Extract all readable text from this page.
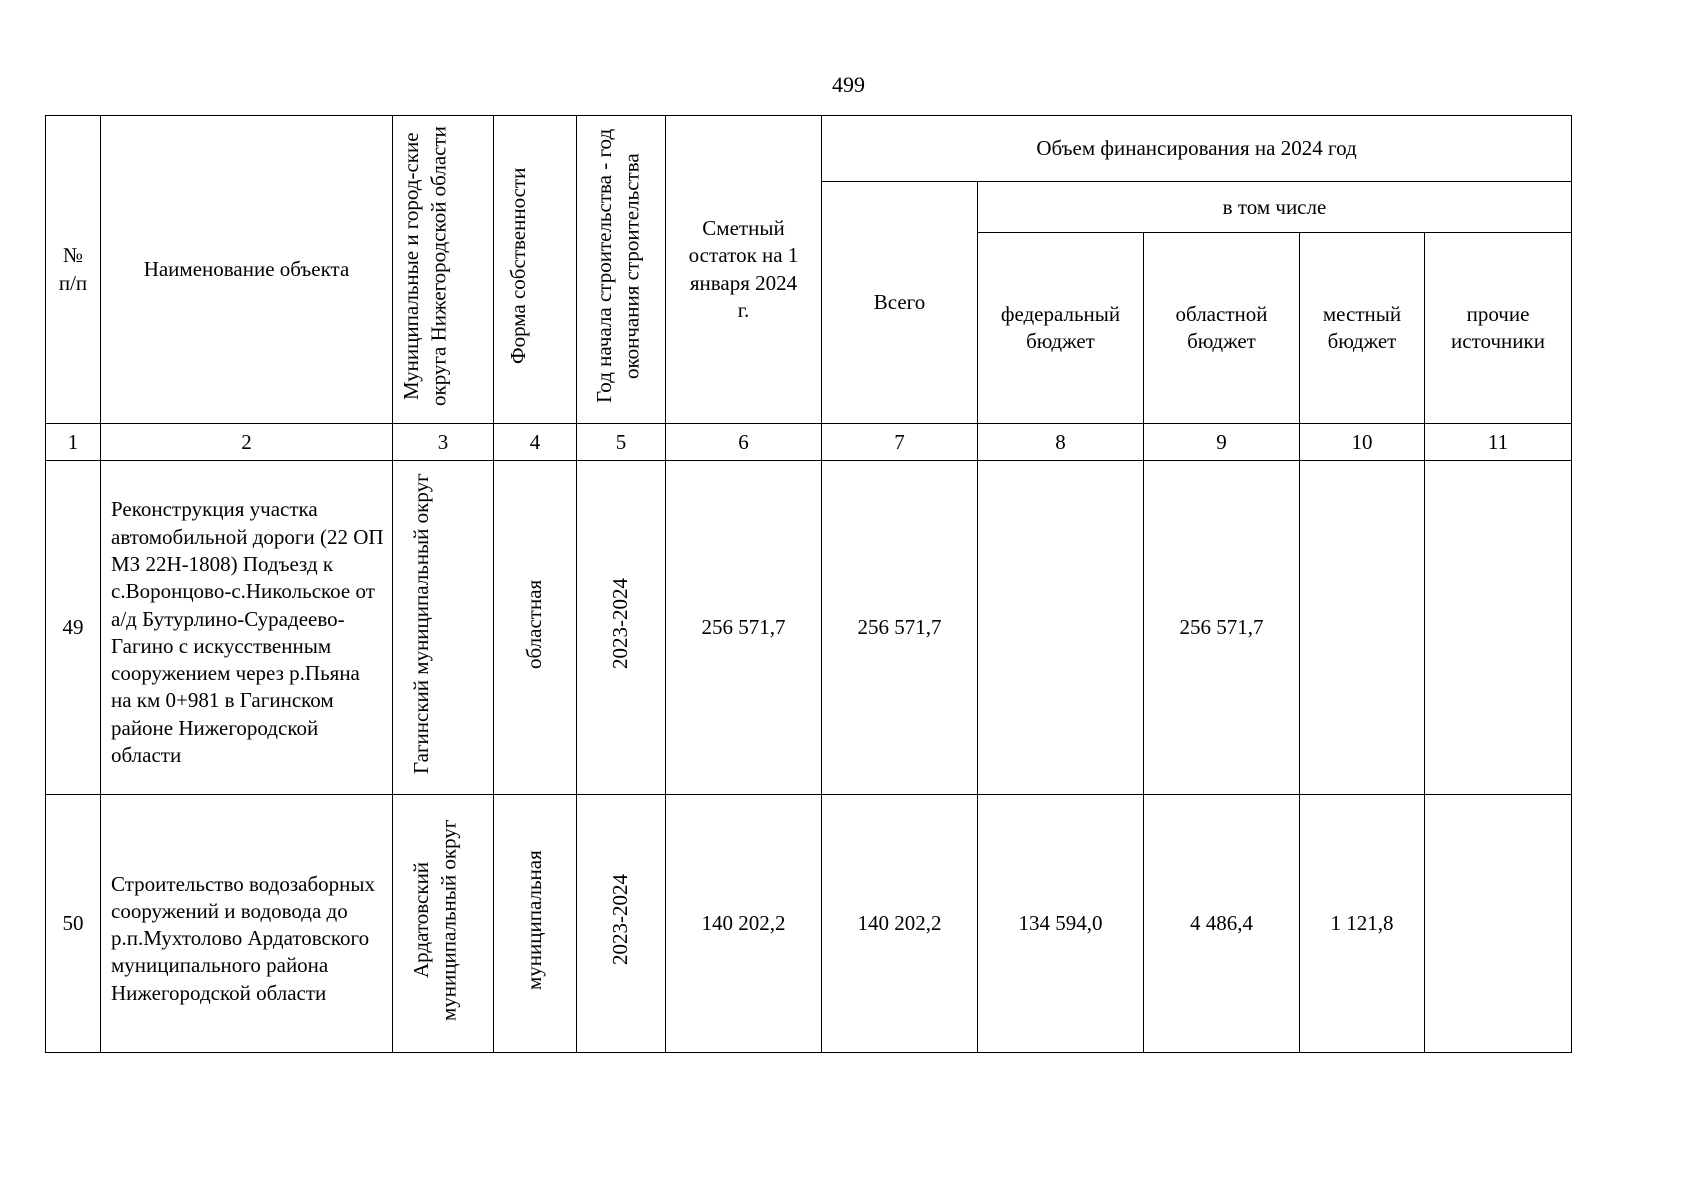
499
№ п/п	Наименование объекта	Муниципальные и город-ские округа Нижегородской области	Форма собственности	Год начала строительства - год окончания строительства	Сметный остаток на 1 января 2024 г.	Объем финансирования на 2024 год				
						Всего	в том числе			
							федеральный бюджет	областной бюджет	местный бюджет	прочие источники
1	2	3	4	5	6	7	8	9	10	11
49	Реконструкция участка автомобильной дороги (22 ОП МЗ 22Н-1808) Подъезд к с.Воронцово-с.Никольское от а/д Бутурлино-Сурадеево-Гагино с искусственным сооружением через р.Пьяна на км 0+981 в Гагинском районе Нижегородской области	Гагинский муниципальный округ	областная	2023-2024	256 571,7	256 571,7		256 571,7		
50	Строительство водозаборных сооружений и водовода до р.п.Мухтолово Ардатовского муниципального района Нижегородской области	Ардатовский муниципальный округ	муниципальная	2023-2024	140 202,2	140 202,2	134 594,0	4 486,4	1 121,8	
